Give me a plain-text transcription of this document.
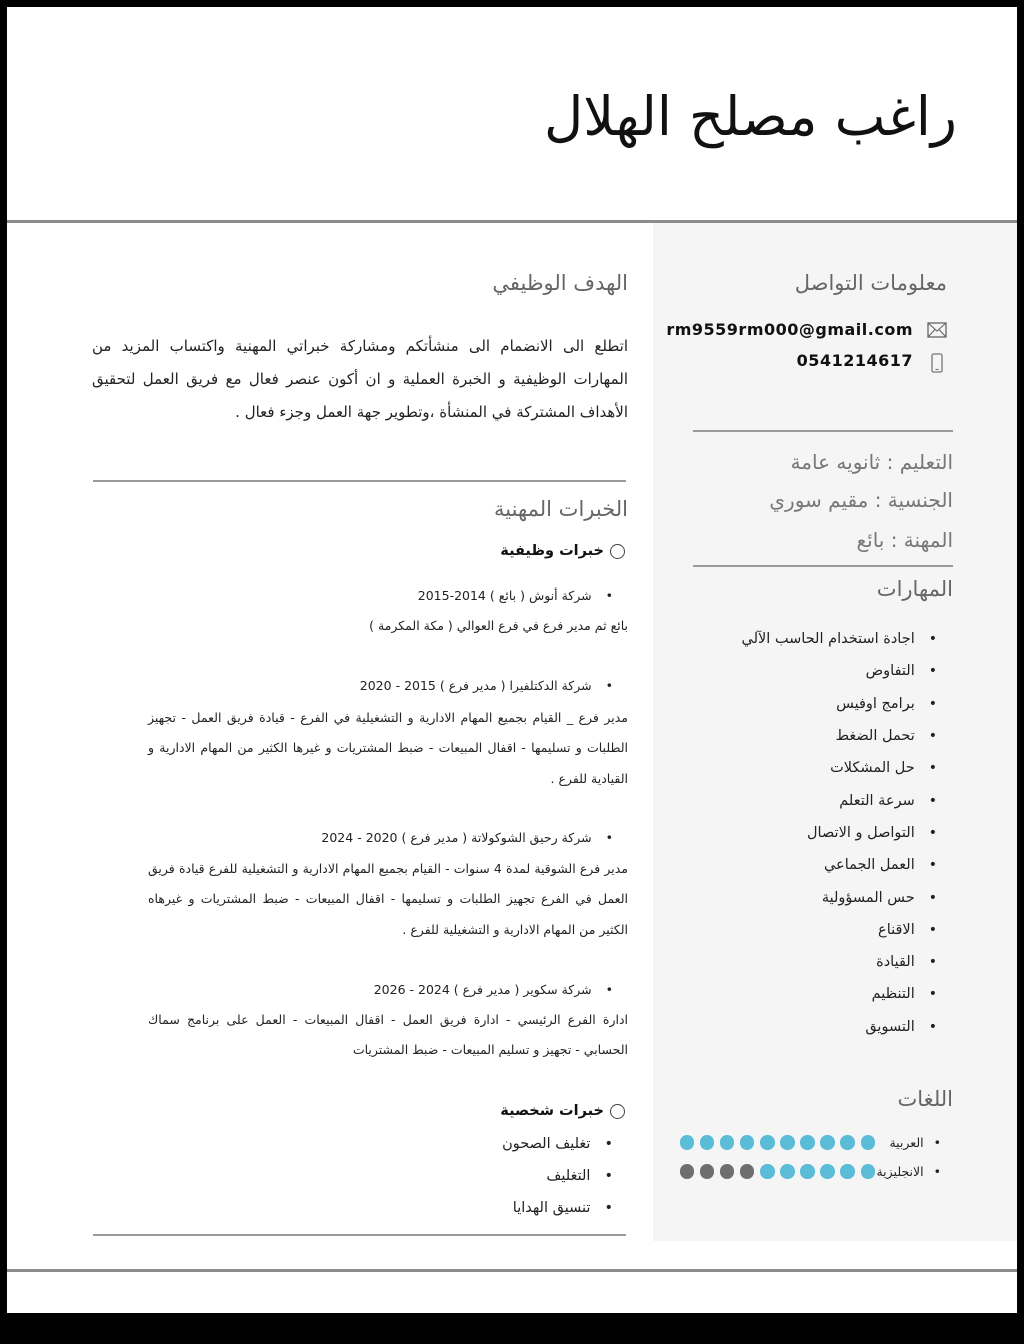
راغب مصلح الهلال
معلومات التواصل
rm9559rm000@gmail.com
0541214617
التعليم : ثانويه عامة
الجنسية : مقيم سوري
المهنة : بائع
المهارات
• اجادة استخدام الحاسب الآلي
• التفاوض
• برامج اوفيس
• تحمل الضغط
• حل المشكلات
• سرعة التعلم
• التواصل و الاتصال
• العمل الجماعي
• حس المسؤولية
• الاقناع
• القيادة
• التنظيم
• التسويق
اللغات
• العربية
• الانجليزية
الهدف الوظيفي

اتطلع الى الانضمام الى منشأتكم ومشاركة خبراتي المهنية واكتساب المزيد من المهارات الوظيفية و الخبرة العملية و ان أكون عنصر فعال مع فريق العمل لتحقيق الأهداف المشتركة في المنشأة ،وتطوير جهة العمل وجزء فعال .

الخبرات المهنية
خبرات وظيفية
• شركة أنوش ( بائع ) 2014-2015

بائع ثم مدير فرع في فرع العوالي ( مكة المكرمة )

• شركة الدكتلفيرا ( مدير فرع ) 2015 - 2020

مدير فرع _ القيام بجميع المهام الادارية و التشغيلية في الفرع - قيادة فريق العمل - تجهيز الطلبات و تسليمها - اقفال المبيعات - ضبط المشتريات و غيرها الكثير من المهام الادارية و القيادية للفرع .

• شركة رحيق الشوكولاتة ( مدير فرع ) 2020 - 2024

مدير فرع الشوقية لمدة 4 سنوات - القيام بجميع المهام الادارية و التشغيلية للفرع قيادة فريق العمل في الفرع تجهيز الطلبات و تسليمها - اقفال المبيعات - ضبط المشتريات و غيرهاه الكثير من المهام الادارية و التشغيلية للفرع .

• شركة سكوير ( مدير فرع ) 2024 - 2026

ادارة الفرع الرئيسي - ادارة فريق العمل - اقفال المبيعات - العمل على برنامج سماك الحسابي - تجهيز و تسليم المبيعات - ضبط المشتريات

خبرات شخصية
• تغليف الصحون
• التغليف
• تنسيق الهدايا
